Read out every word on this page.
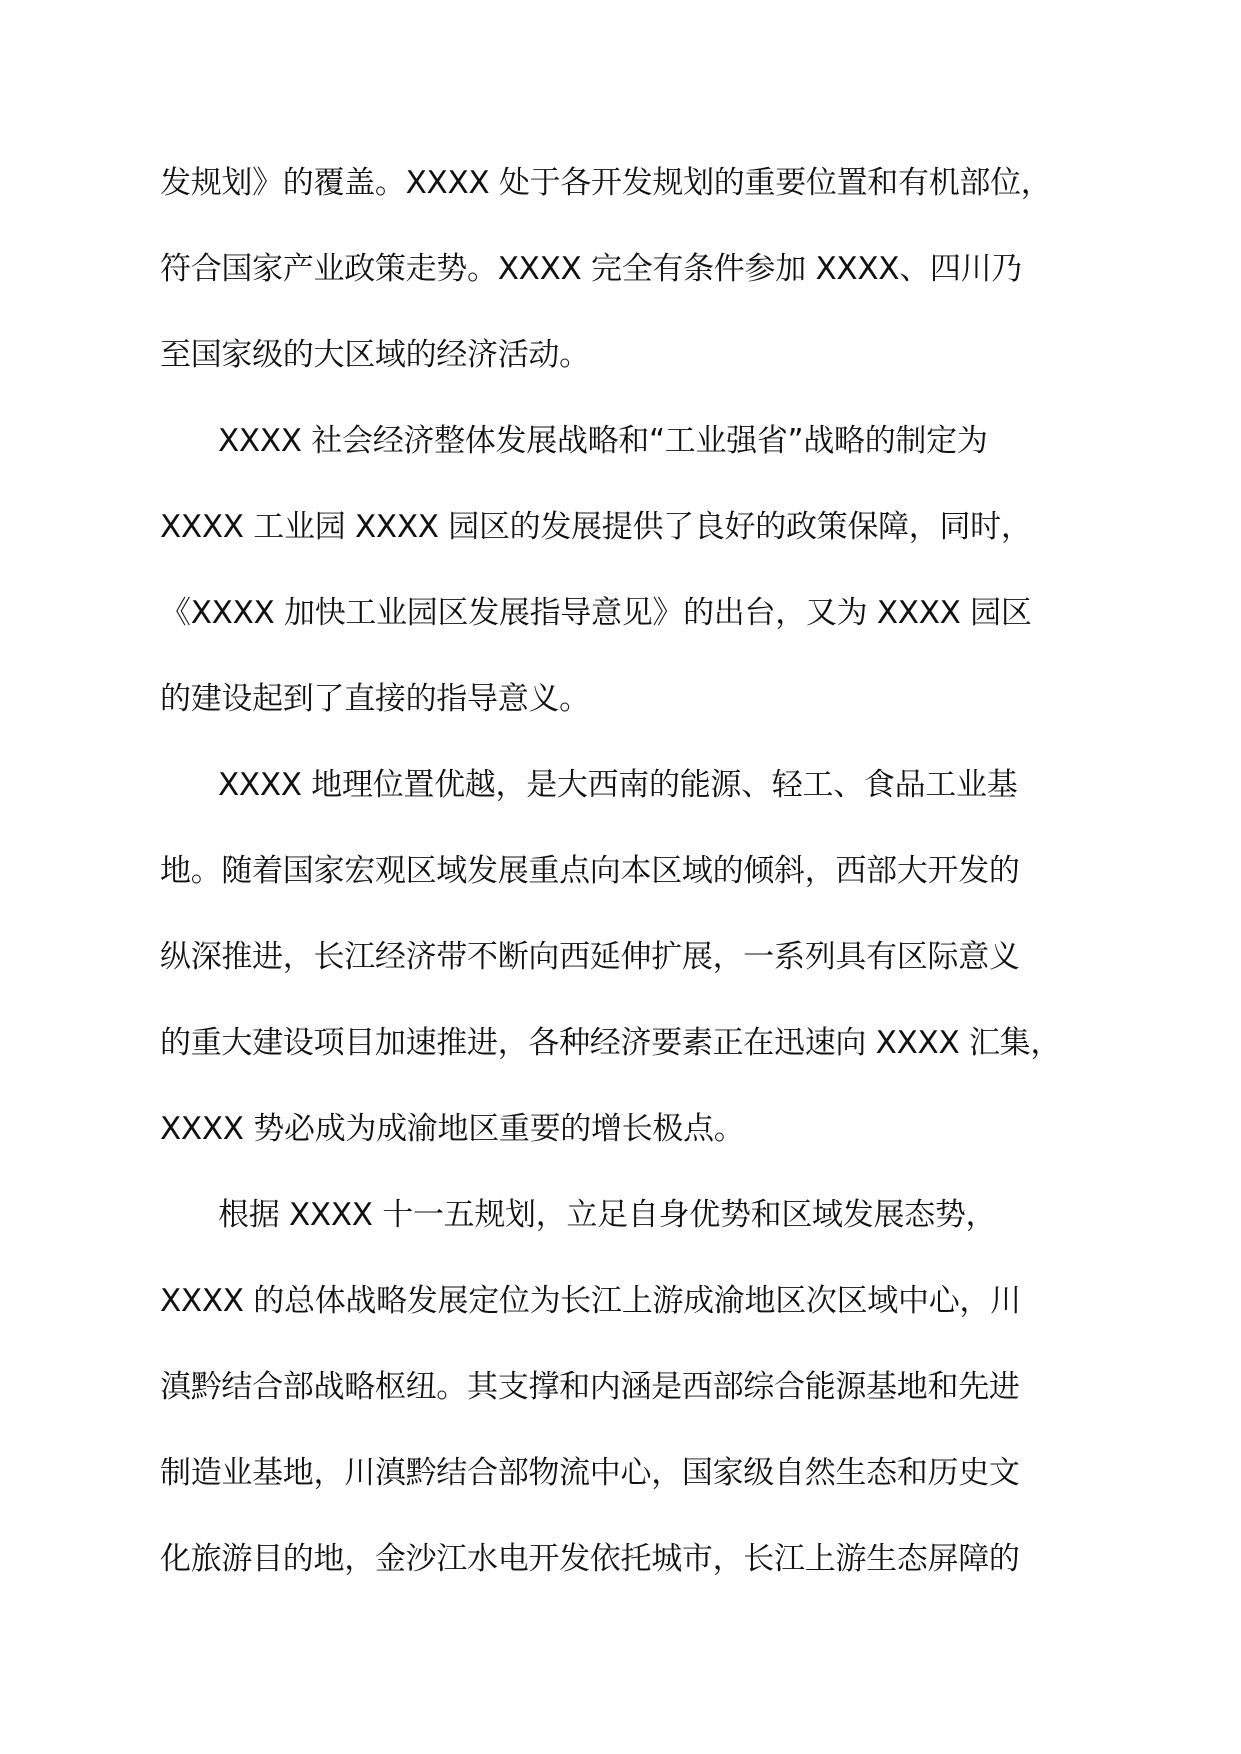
发规划》的覆盖。XXXX 处于各开发规划的重要位置和有机部位，
符合国家产业政策走势。XXXX 完全有条件参加 XXXX、四川乃
至国家级的大区域的经济活动。
XXXX 社会经济整体发展战略和“工业强省”战略的制定为
XXXX 工业园 XXXX 园区的发展提供了良好的政策保障，同时，
《XXXX 加快工业园区发展指导意见》的出台，又为 XXXX 园区
的建设起到了直接的指导意义。
XXXX 地理位置优越，是大西南的能源、轻工、食品工业基
地。随着国家宏观区域发展重点向本区域的倾斜，西部大开发的
纵深推进，长江经济带不断向西延伸扩展，一系列具有区际意义
的重大建设项目加速推进，各种经济要素正在迅速向 XXXX 汇集，
XXXX 势必成为成渝地区重要的增长极点。
根据 XXXX 十一五规划，立足自身优势和区域发展态势，
XXXX 的总体战略发展定位为长江上游成渝地区次区域中心，川
滇黔结合部战略枢纽。其支撑和内涵是西部综合能源基地和先进
制造业基地，川滇黔结合部物流中心，国家级自然生态和历史文
化旅游目的地，金沙江水电开发依托城市，长江上游生态屏障的
